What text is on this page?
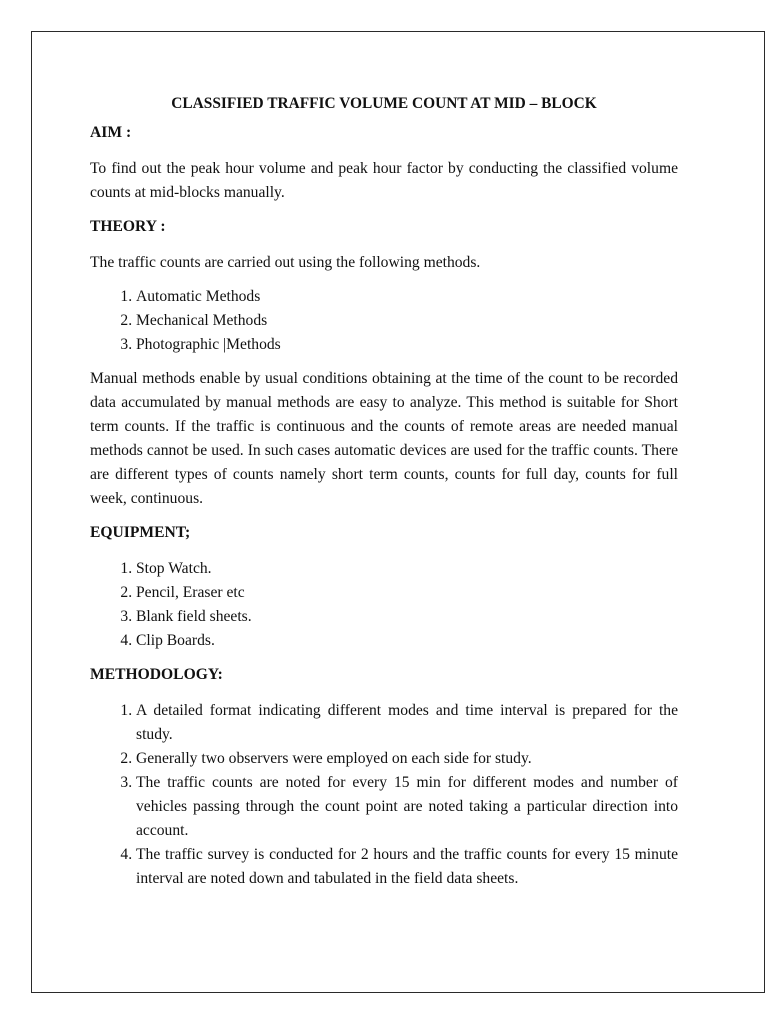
CLASSIFIED TRAFFIC VOLUME COUNT AT MID – BLOCK
AIM :
To find out the peak hour volume and peak hour factor by conducting the classified volume counts at mid-blocks manually.
THEORY :
The traffic counts are carried out using the following methods.
1. Automatic Methods
2. Mechanical Methods
3. Photographic |Methods
Manual methods enable by usual conditions obtaining at the time of the count to be recorded data accumulated by manual methods are easy to analyze. This method is suitable for Short term counts. If the traffic is continuous and the counts of remote areas are needed manual methods cannot be used. In such cases automatic devices are used for the traffic counts. There are different types of counts namely short term counts, counts for full day, counts for full week, continuous.
EQUIPMENT;
1. Stop Watch.
2. Pencil, Eraser etc
3. Blank field sheets.
4. Clip Boards.
METHODOLOGY:
1. A detailed format indicating different modes and time interval is prepared for the study.
2. Generally two observers were employed on each side for study.
3. The traffic counts are noted for every 15 min for different modes and number of vehicles passing through the count point are noted taking a particular direction into account.
4. The traffic survey is conducted for 2 hours and the traffic counts for every 15 minute interval are noted down and tabulated in the field data sheets.
